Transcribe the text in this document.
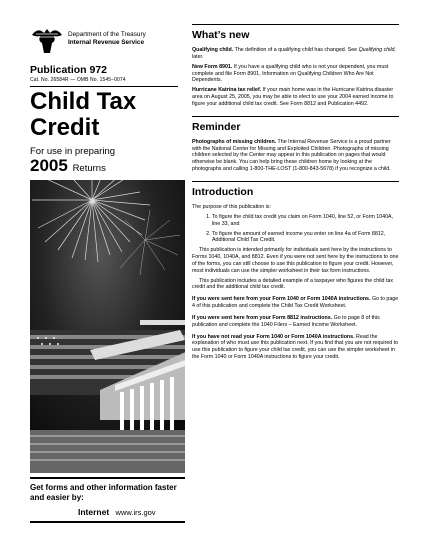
Department of the Treasury
Internal Revenue Service
Publication 972
Cat. No. 26584R — OMB No. 1545−0074
Child Tax
Credit
For use in preparing
2005 Returns
Get forms and other information faster and easier by:
Internet www.irs.gov
What’s new

Qualifying child. The definition of a qualifying child has changed. See Qualifying child, later.

New Form 8901. If you have a qualifying child who is not your dependent, you must complete and file Form 8901, Information on Qualifying Children Who Are Not Dependents.

Hurricane Katrina tax relief. If your main home was in the Hurricane Katrina disaster area on August 25, 2005, you may be able to elect to use your 2004 earned income to figure your additional child tax credit. See Form 8812 and Publication 4492.

Reminder

Photographs of missing children. The Internal Revenue Service is a proud partner with the National Center for Missing and Exploited Children. Photographs of missing children selected by the Center may appear in this publication on pages that would otherwise be blank. You can help bring these children home by looking at the photographs and calling 1-800-THE-LOST (1-800-843-5678) if you recognize a child.

Introduction

The purpose of this publication is:

1. To figure the child tax credit you claim on Form 1040, line 52, or Form 1040A, line 33, and
2. To figure the amount of earned income you enter on line 4a of Form 8812, Additional Child Tax Credit.

This publication is intended primarily for individuals sent here by the instructions to Forms 1040, 1040A, and 8812. Even if you were not sent here by the instructions to one of the forms, you can still choose to use this publication to figure your credit. However, most individuals can use the simpler worksheet in their tax form instructions.

This publication includes a detailed example of a taxpayer who figures the child tax credit and the additional child tax credit.

If you were sent here from your Form 1040 or Form 1040A instructions. Go to page 4 of this publication and complete the Child Tax Credit Worksheet.

If you were sent here from your Form 8812 instructions. Go to page 8 of this publication and complete the 1040 Filers – Earned Income Worksheet.

If you have not read your Form 1040 or Form 1040A instructions. Read the explanation of who must use this publication next. If you find that you are not required to use this publication to figure your child tax credit, you can use the simpler worksheet in the Form 1040 or Form 1040A instructions to figure your credit.
